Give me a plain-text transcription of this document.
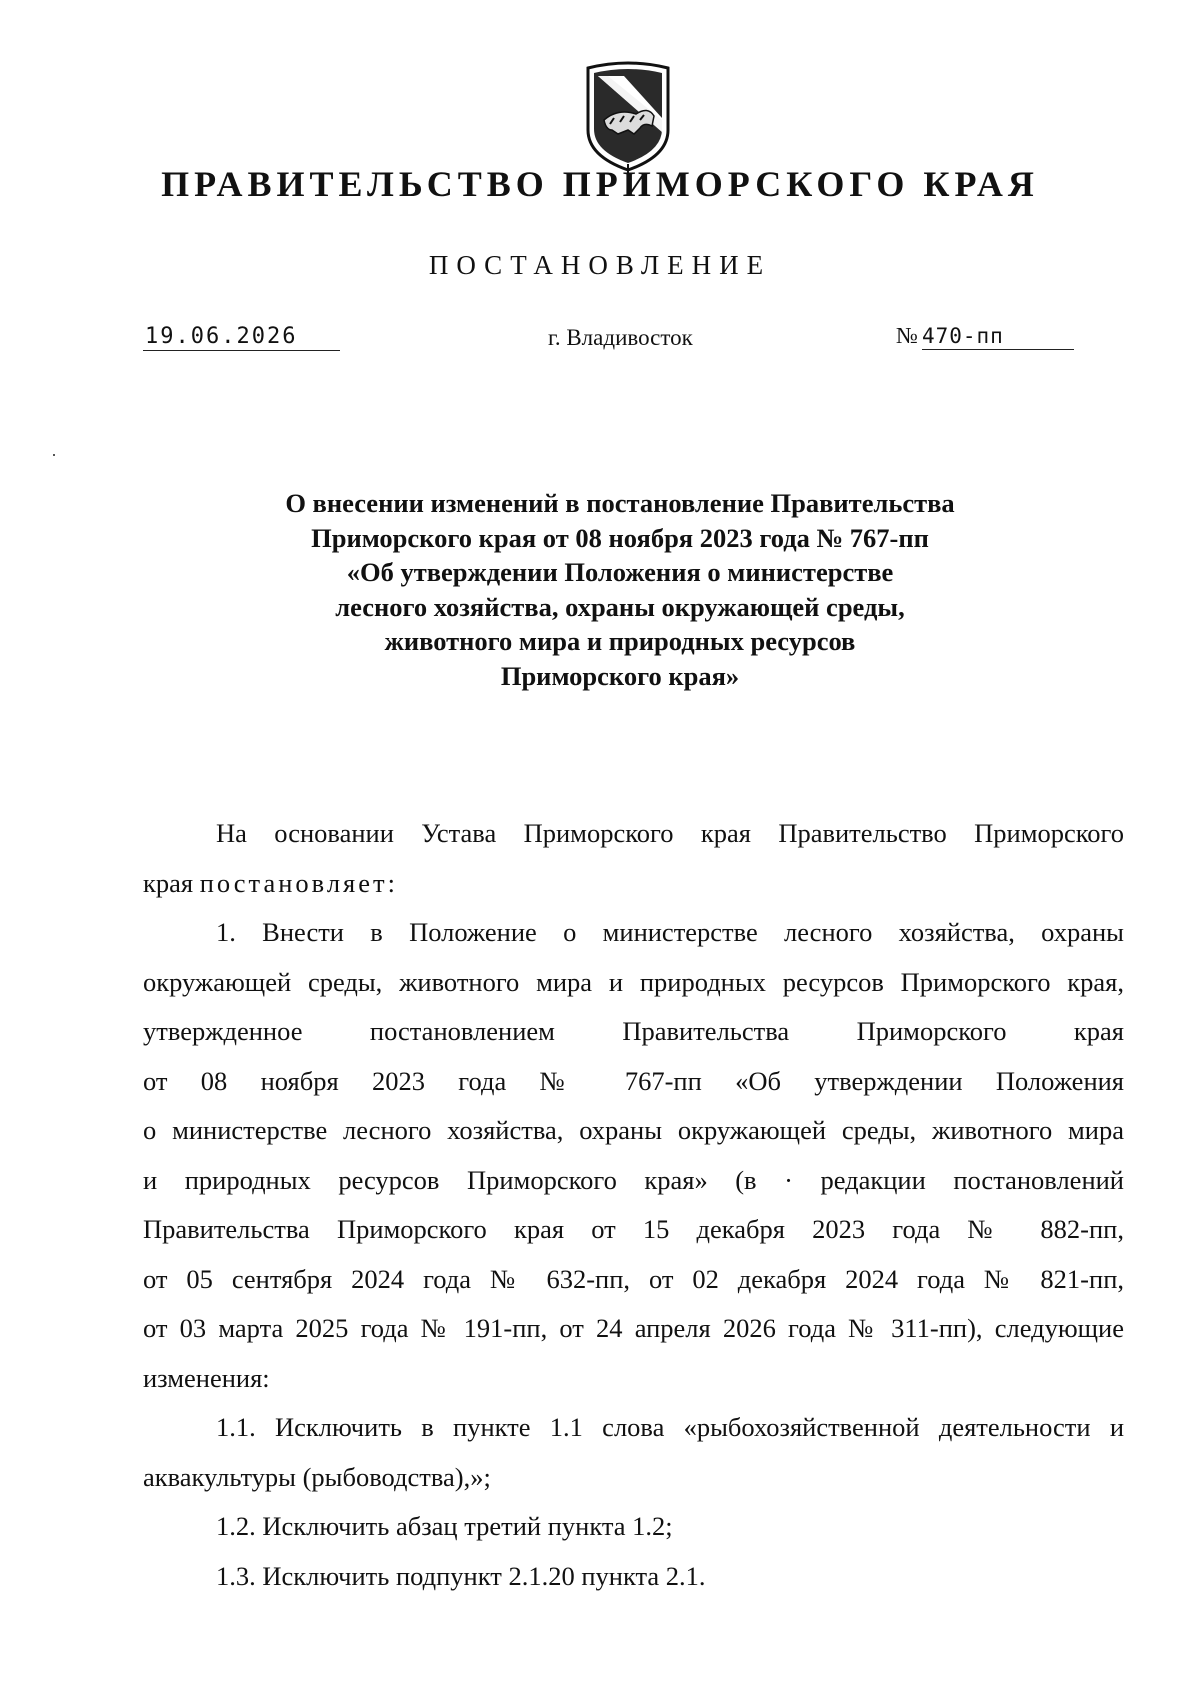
ПРАВИТЕЛЬСТВО ПРИМОРСКОГО КРАЯ
ПОСТАНОВЛЕНИЕ
19.06.2026	г. Владивосток	№ 470-пп
О внесении изменений в постановление Правительства
Приморского края от 08 ноября 2023 года № 767-пп
«Об утверждении Положения о министерстве
лесного хозяйства, охраны окружающей среды,
животного мира и природных ресурсов
Приморского края»
На основании Устава Приморского края Правительство Приморского
края постановляет:
1. Внести в Положение о министерстве лесного хозяйства, охраны
окружающей среды, животного мира и природных ресурсов Приморского края,
утвержденное постановлением Правительства Приморского края
от 08 ноября 2023 года № 767-пп «Об утверждении Положения
о министерстве лесного хозяйства, охраны окружающей среды, животного мира
и природных ресурсов Приморского края» (в · редакции постановлений
Правительства Приморского края от 15 декабря 2023 года № 882-пп,
от 05 сентября 2024 года № 632-пп, от 02 декабря 2024 года № 821-пп,
от 03 марта 2025 года № 191-пп, от 24 апреля 2026 года № 311-пп), следующие
изменения:
1.1. Исключить в пункте 1.1 слова «рыбохозяйственной деятельности и
аквакультуры (рыбоводства),»;
1.2. Исключить абзац третий пункта 1.2;
1.3. Исключить подпункт 2.1.20 пункта 2.1.
